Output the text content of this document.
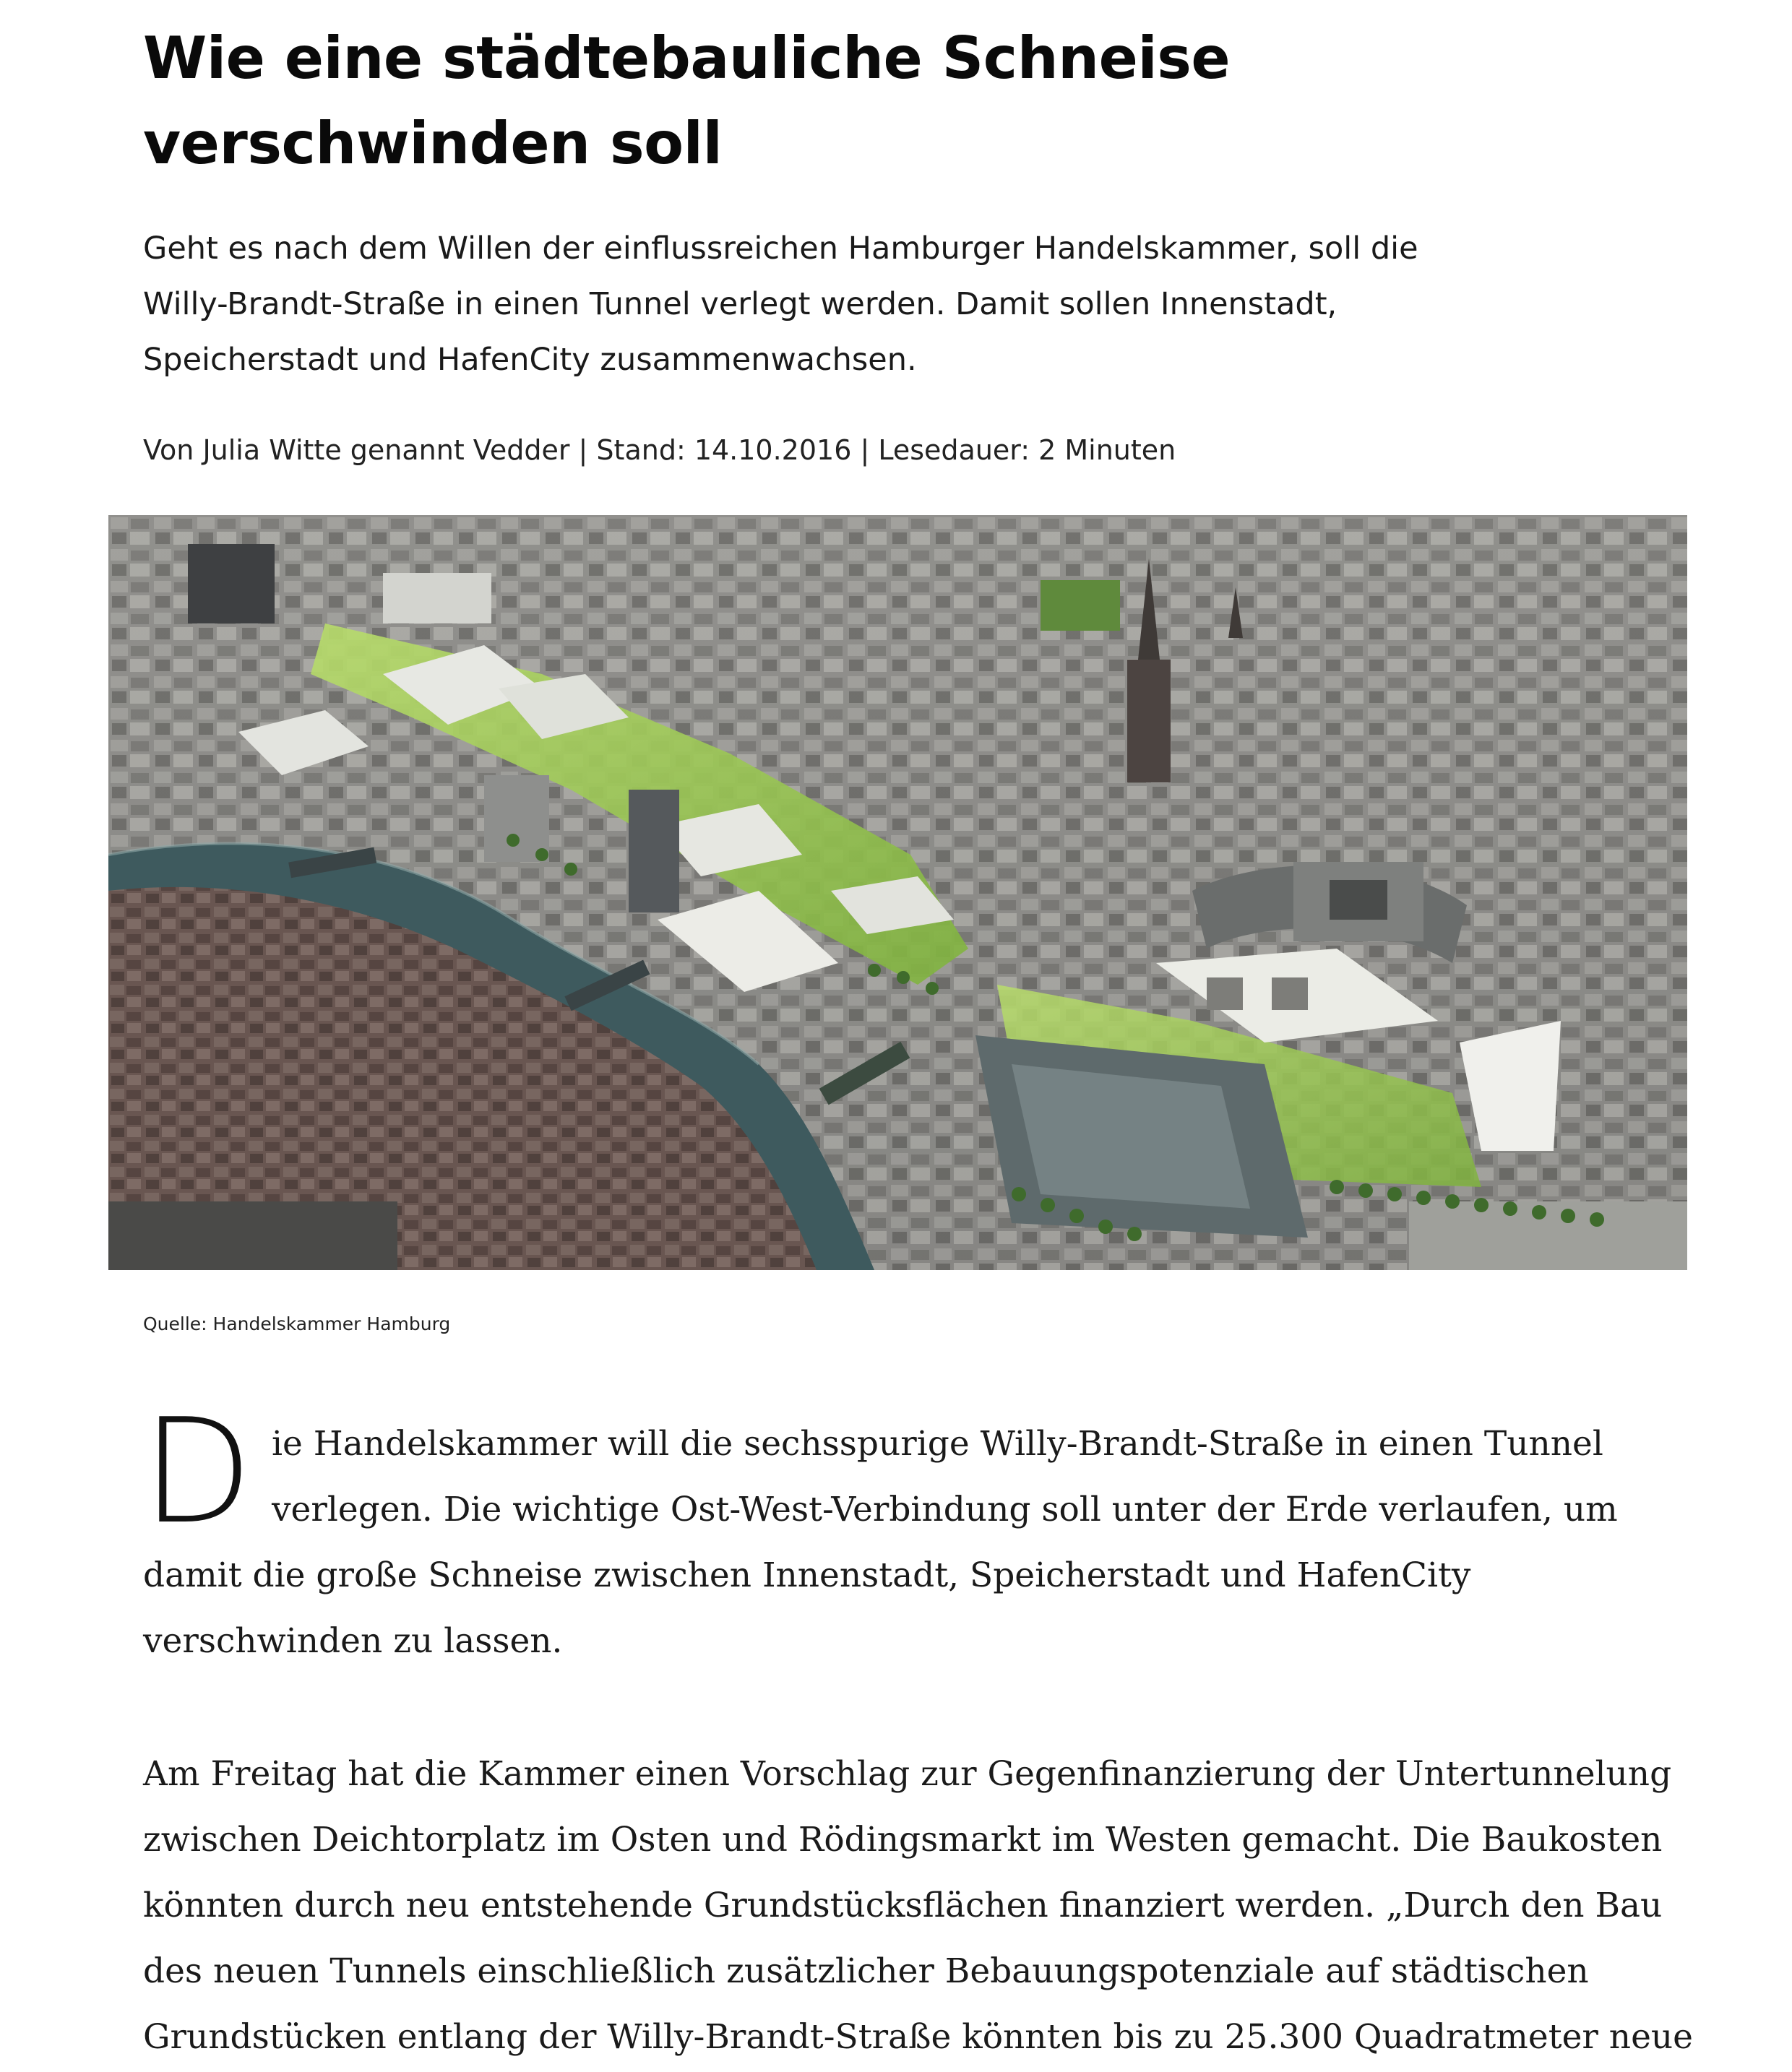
Wie eine städtebauliche Schneise
verschwinden soll

Geht es nach dem Willen der einflussreichen Hamburger Handelskammer, soll die
Willy-Brandt-Straße in einen Tunnel verlegt werden. Damit sollen Innenstadt,
Speicherstadt und HafenCity zusammenwachsen.

Von Julia Witte genannt Vedder | Stand: 14.10.2016 | Lesedauer: 2 Minuten

Quelle: Handelskammer Hamburg

D ie Handelskammer will die sechsspurige Willy-Brandt-Straße in einen Tunnel
verlegen. Die wichtige Ost-West-Verbindung soll unter der Erde verlaufen, um

damit die große Schneise zwischen Innenstadt, Speicherstadt und HafenCity
verschwinden zu lassen.

Am Freitag hat die Kammer einen Vorschlag zur Gegenfinanzierung der Untertunnelung
zwischen Deichtorplatz im Osten und Rödingsmarkt im Westen gemacht. Die Baukosten
könnten durch neu entstehende Grundstücksflächen finanziert werden. „Durch den Bau
des neuen Tunnels einschließlich zusätzlicher Bebauungspotenziale auf städtischen
Grundstücken entlang der Willy-Brandt-Straße könnten bis zu 25.300 Quadratmeter neue
